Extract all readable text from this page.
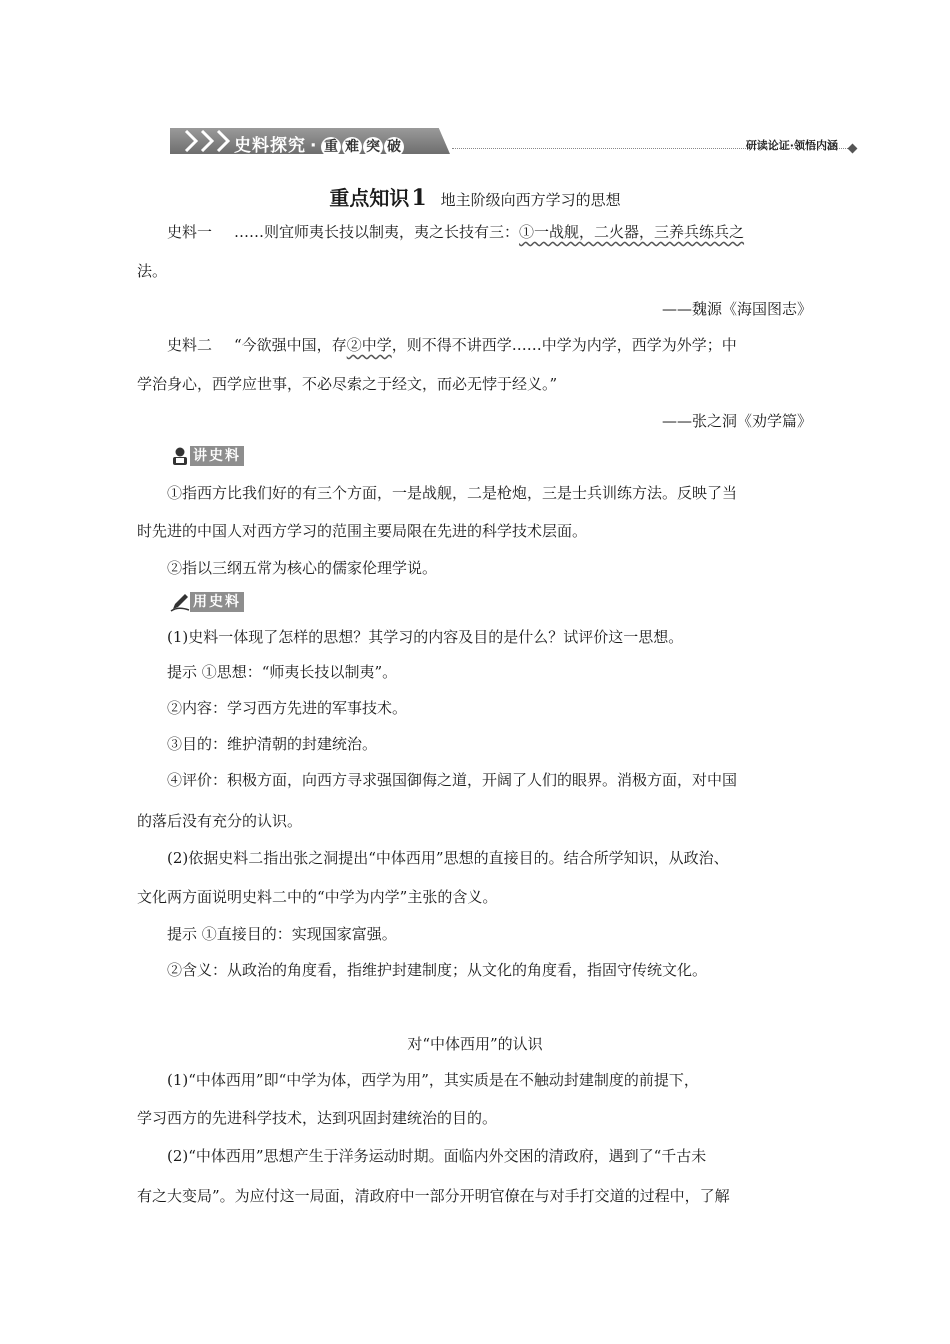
史料探究 · 重 难 突 破	研读论证·领悟内涵
重点知识1 地主阶级向西方学习的思想
史料一 ……则宜师夷长技以制夷，夷之长技有三：①一战舰，二火器，三养兵练兵之
法。
——魏源《海国图志》
史料二 “今欲强中国，存②中学，则不得不讲西学……中学为内学，西学为外学；中
学治身心，西学应世事，不必尽索之于经文，而必无悖于经义。”
——张之洞《劝学篇》
讲史料
①指西方比我们好的有三个方面，一是战舰，二是枪炮，三是士兵训练方法。反映了当
时先进的中国人对西方学习的范围主要局限在先进的科学技术层面。
②指以三纲五常为核心的儒家伦理学说。
用史料
(1)史料一体现了怎样的思想？其学习的内容及目的是什么？试评价这一思想。
提示 ①思想：“师夷长技以制夷”。
②内容：学习西方先进的军事技术。
③目的：维护清朝的封建统治。
④评价：积极方面，向西方寻求强国御侮之道，开阔了人们的眼界。消极方面，对中国
的落后没有充分的认识。
(2)依据史料二指出张之洞提出“中体西用”思想的直接目的。结合所学知识，从政治、
文化两方面说明史料二中的“中学为内学”主张的含义。
提示 ①直接目的：实现国家富强。
②含义：从政治的角度看，指维护封建制度；从文化的角度看，指固守传统文化。
对“中体西用”的认识
(1)“中体西用”即“中学为体，西学为用”，其实质是在不触动封建制度的前提下，
学习西方的先进科学技术，达到巩固封建统治的目的。
(2)“中体西用”思想产生于洋务运动时期。面临内外交困的清政府，遇到了“千古未
有之大变局”。为应付这一局面，清政府中一部分开明官僚在与对手打交道的过程中，了解
